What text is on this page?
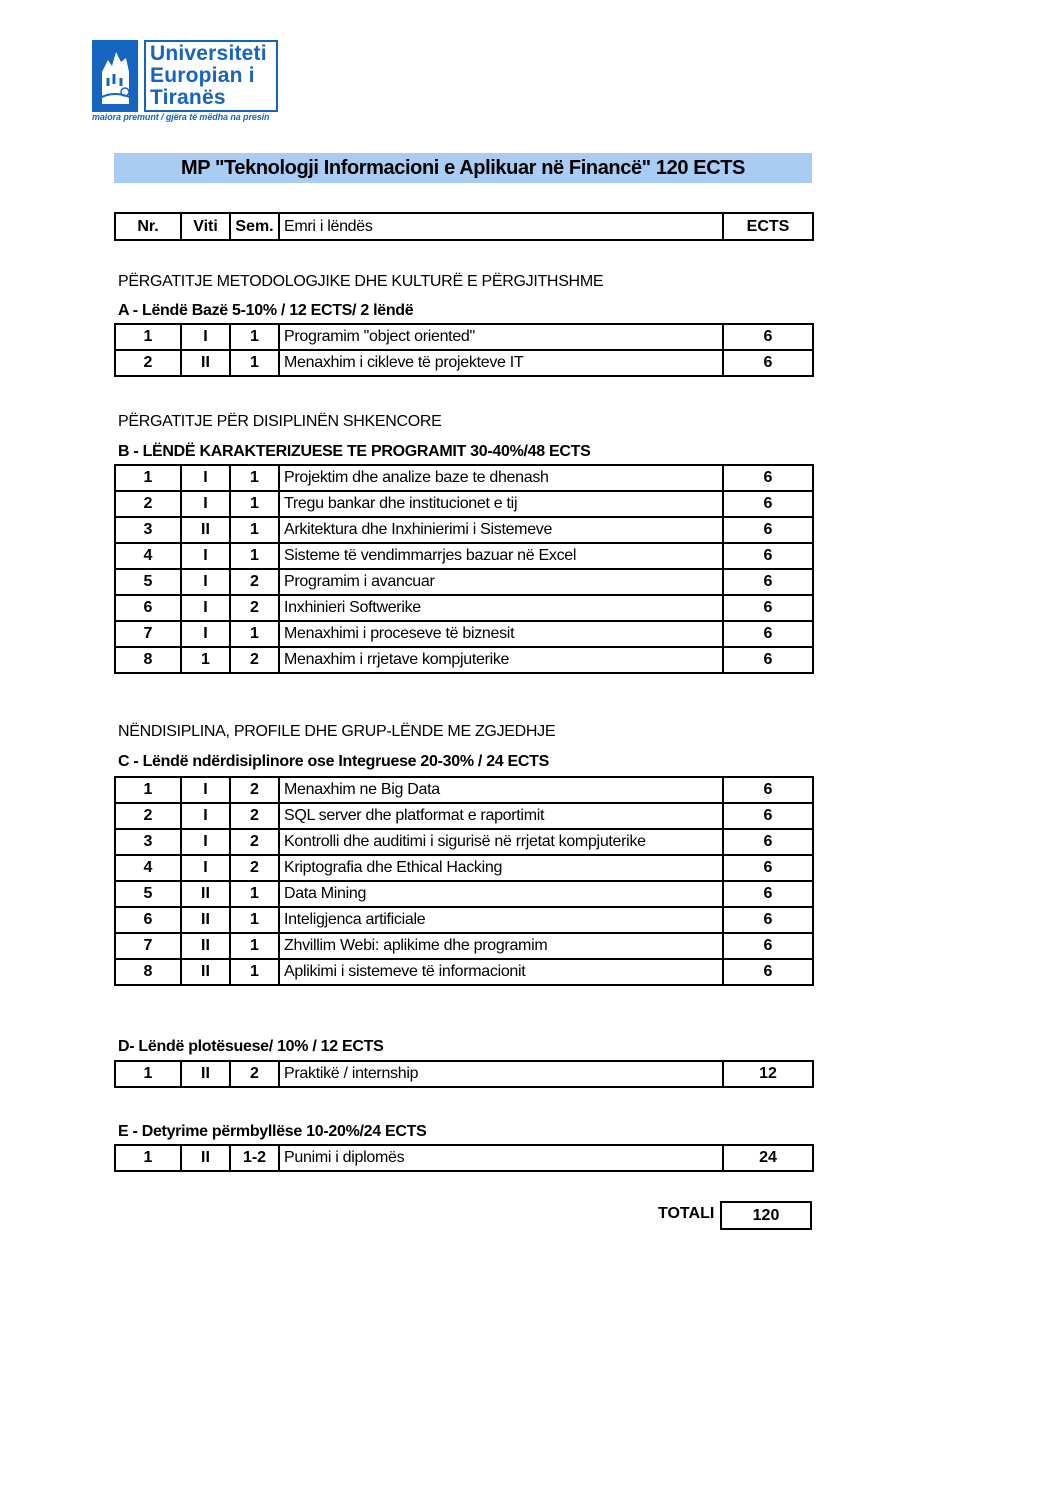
Universiteti
Europian i
Tiranës
maiora premunt / gjëra të mëdha na presin
MP "Teknologji Informacioni e Aplikuar në Financë" 120 ECTS
Nr.	Viti	Sem.	Emri i lëndës	ECTS
PËRGATITJE METODOLOGJIKE DHE KULTURË E PËRGJITHSHME
A - Lëndë Bazë 5-10% / 12 ECTS/ 2 lëndë
1	I	1	Programim "object oriented"	6
2	II	1	Menaxhim i cikleve të projekteve IT	6
PËRGATITJE PËR DISIPLINËN SHKENCORE
B - LËNDË KARAKTERIZUESE TE PROGRAMIT 30-40%/48 ECTS
1	I	1	Projektim dhe analize baze te dhenash	6
2	I	1	Tregu bankar dhe institucionet e tij	6
3	II	1	Arkitektura dhe Inxhinierimi i Sistemeve	6
4	I	1	Sisteme të vendimmarrjes bazuar në Excel	6
5	I	2	Programim i avancuar	6
6	I	2	Inxhinieri Softwerike	6
7	I	1	Menaxhimi i proceseve të biznesit	6
8	1	2	Menaxhim i rrjetave kompjuterike	6
NËNDISIPLINA, PROFILE DHE GRUP-LËNDE ME ZGJEDHJE
C - Lëndë ndërdisiplinore ose Integruese 20-30% / 24 ECTS
1	I	2	Menaxhim ne Big Data	6
2	I	2	SQL server dhe platformat e raportimit	6
3	I	2	Kontrolli dhe auditimi i sigurisë në rrjetat kompjuterike	6
4	I	2	Kriptografia dhe Ethical Hacking	6
5	II	1	Data Mining	6
6	II	1	Inteligjenca artificiale	6
7	II	1	Zhvillim Webi: aplikime dhe programim	6
8	II	1	Aplikimi i sistemeve të informacionit	6
D- Lëndë plotësuese/ 10% / 12 ECTS
1	II	2	Praktikë / internship	12
E - Detyrime përmbyllëse 10-20%/24 ECTS
1	II	1-2	Punimi i diplomës	24
TOTALI	120
